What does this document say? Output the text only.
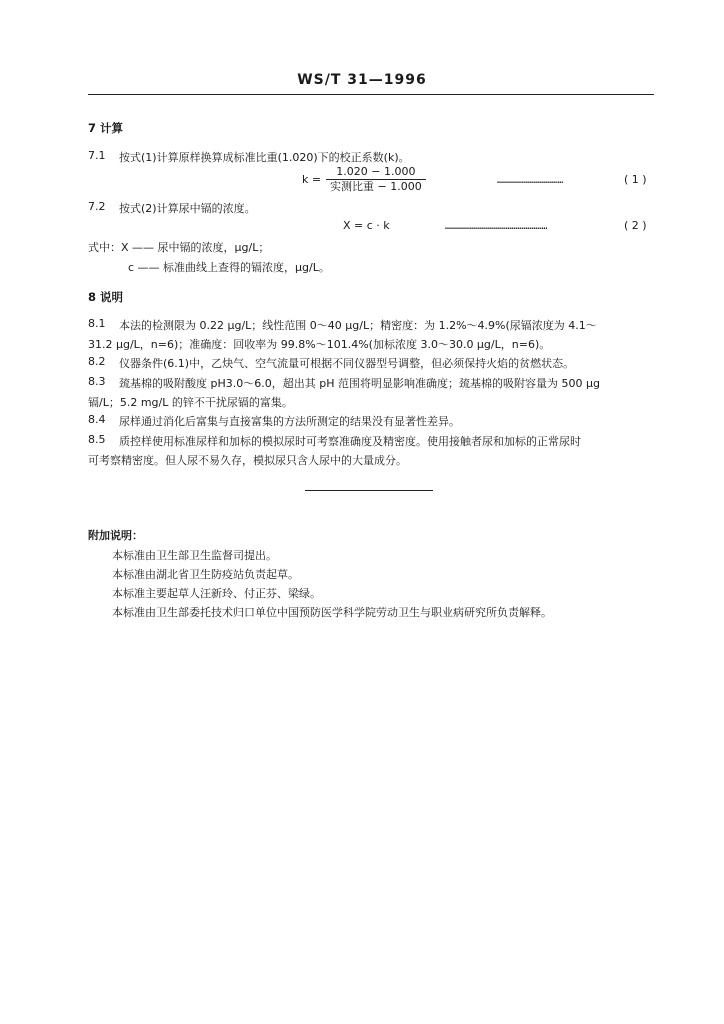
WS/T 31—1996
7 计算
7.1 按式(1)计算原样换算成标准比重(1.020)下的校正系数(k)。
$k = \frac{1.020 - 1.000}{\text{实测比重 − 1.000}}$	……………………………	( 1 )
7.2 按式(2)计算尿中镉的浓度。
X = c · k	……………………………………………	( 2 )
式中：X —— 尿中镉的浓度，μg/L；
c —— 标准曲线上查得的镉浓度，μg/L。
8 说明
8.1 本法的检测限为 0.22 μg/L；线性范围 0～40 μg/L；精密度：为 1.2%～4.9%(尿镉浓度为 4.1～
31.2 μg/L，n=6)；准确度：回收率为 99.8%～101.4%(加标浓度 3.0～30.0 μg/L，n=6)。
8.2 仪器条件(6.1)中，乙炔气、空气流量可根据不同仪器型号调整，但必须保持火焰的贫燃状态。
8.3 巯基棉的吸附酸度 pH3.0～6.0，超出其 pH 范围将明显影响准确度；巯基棉的吸附容量为 500 μg
镉/L；5.2 mg/L 的锌不干扰尿镉的富集。
8.4 尿样通过消化后富集与直接富集的方法所测定的结果没有显著性差异。
8.5 质控样使用标准尿样和加标的模拟尿时可考察准确度及精密度。使用接触者尿和加标的正常尿时
可考察精密度。但人尿不易久存，模拟尿只含人尿中的大量成分。
附加说明：
本标准由卫生部卫生监督司提出。
本标准由湖北省卫生防疫站负责起草。
本标准主要起草人汪新玲、付正芬、梁绿。
本标准由卫生部委托技术归口单位中国预防医学科学院劳动卫生与职业病研究所负责解释。
